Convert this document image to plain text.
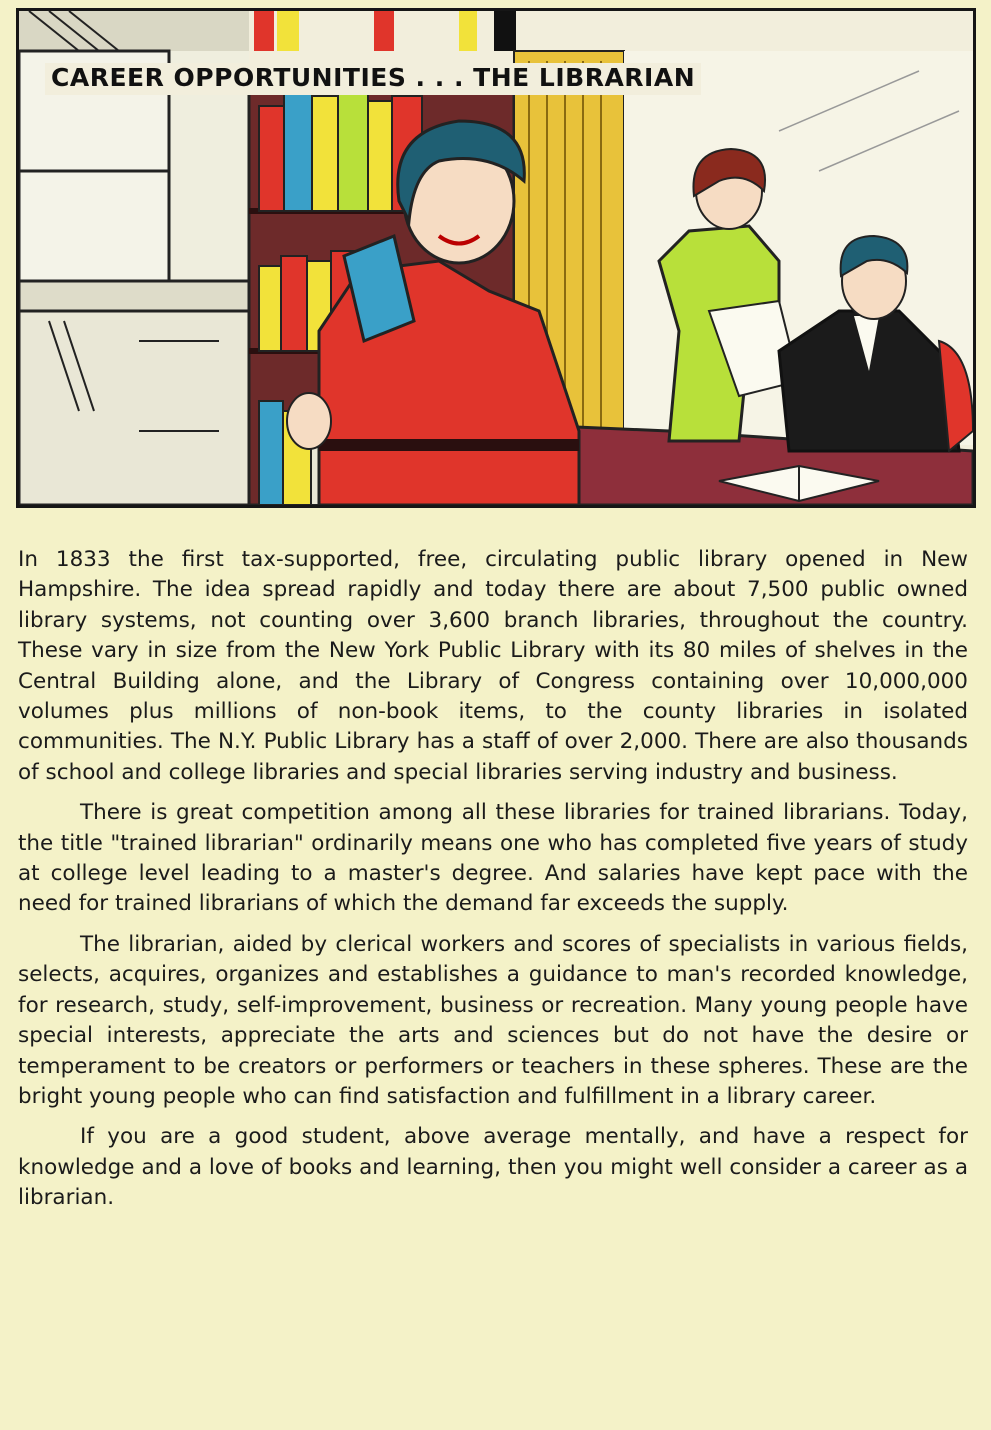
CAREER OPPORTUNITIES . . . THE LIBRARIAN

In 1833 the first tax-supported, free, circulating public library opened in New Hampshire. The idea spread rapidly and today there are about 7,500 public owned library systems, not counting over 3,600 branch libraries, throughout the country. These vary in size from the New York Public Library with its 80 miles of shelves in the Central Building alone, and the Library of Congress containing over 10,000,000 volumes plus millions of non-book items, to the county libraries in isolated communities. The N.Y. Public Library has a staff of over 2,000. There are also thousands of school and college libraries and special libraries serving industry and business.

There is great competition among all these libraries for trained librarians. Today, the title "trained librarian" ordinarily means one who has completed five years of study at college level leading to a master's degree. And salaries have kept pace with the need for trained librarians of which the demand far exceeds the supply.

The librarian, aided by clerical workers and scores of specialists in various fields, selects, acquires, organizes and establishes a guidance to man's recorded knowledge, for research, study, self-improvement, business or recreation. Many young people have special interests, appreciate the arts and sciences but do not have the desire or temperament to be creators or performers or teachers in these spheres. These are the bright young people who can find satisfaction and fulfillment in a library career.

If you are a good student, above average mentally, and have a respect for knowledge and a love of books and learning, then you might well consider a career as a librarian.
